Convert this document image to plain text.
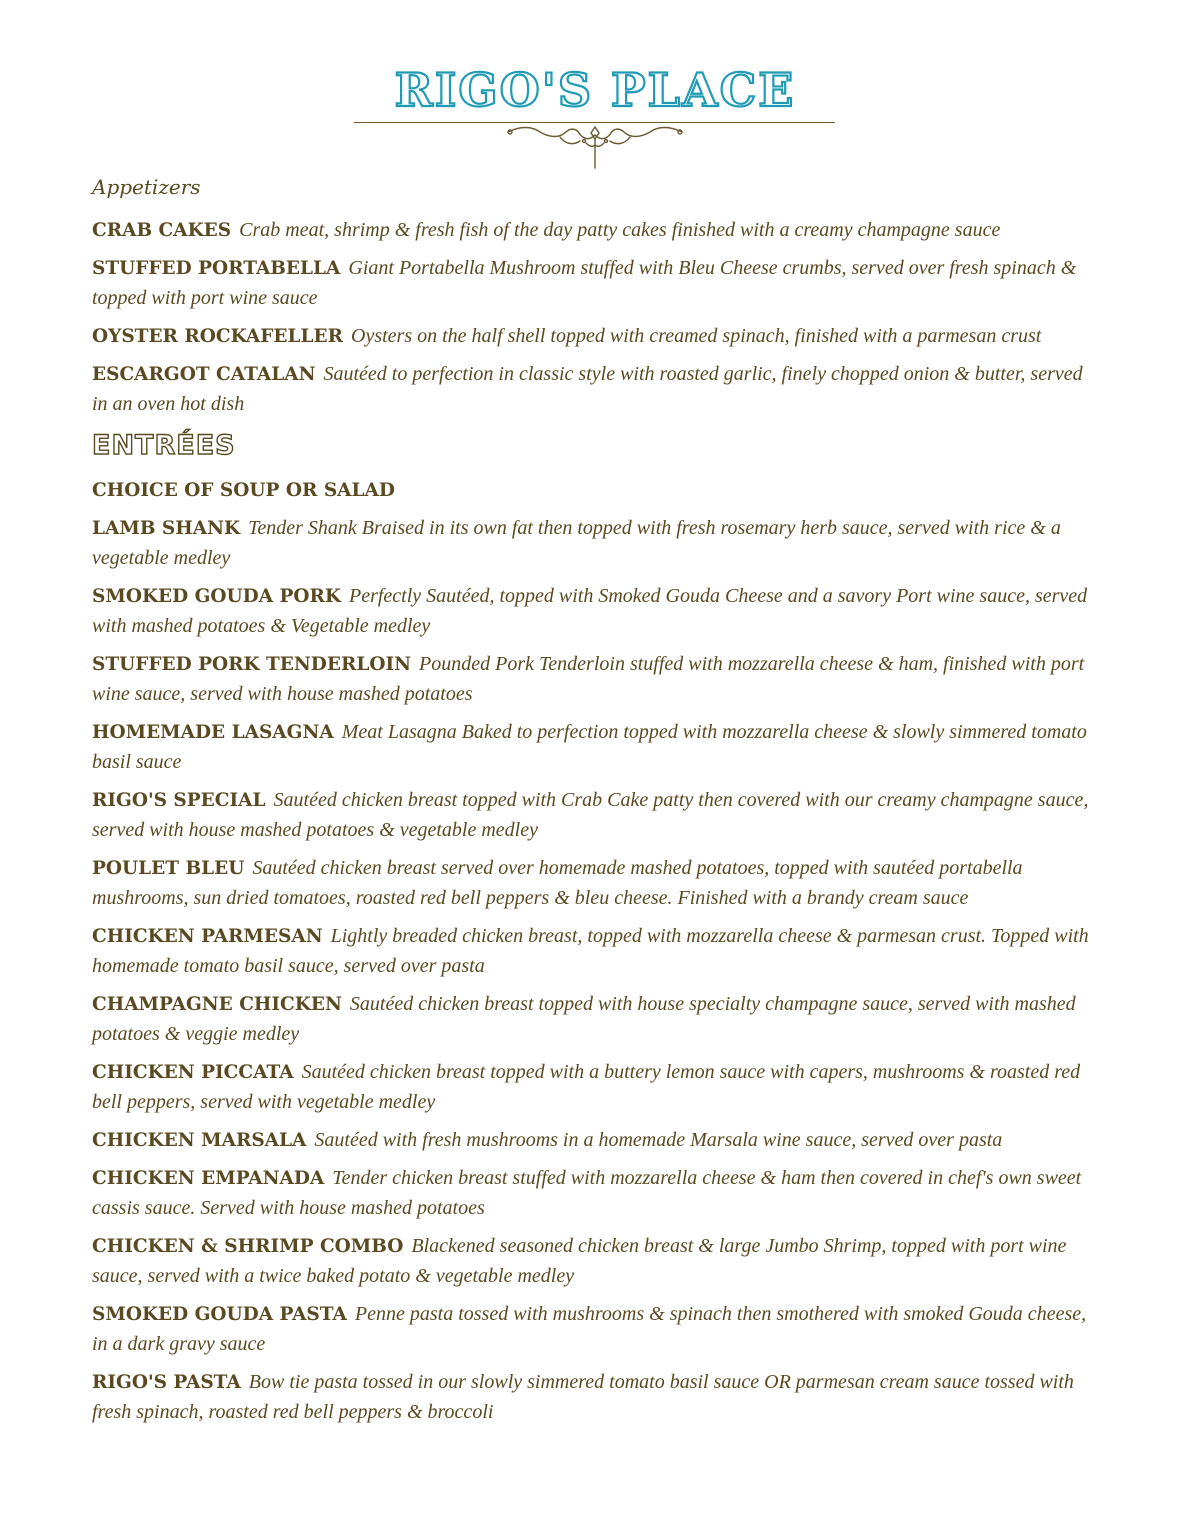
RIGO'S PLACE
Appetizers
CRAB CAKES Crab meat, shrimp & fresh fish of the day patty cakes finished with a creamy champagne sauce
STUFFED PORTABELLA Giant Portabella Mushroom stuffed with Bleu Cheese crumbs, served over fresh spinach & topped with port wine sauce
OYSTER ROCKAFELLER Oysters on the half shell topped with creamed spinach, finished with a parmesan crust
ESCARGOT CATALAN Sautéed to perfection in classic style with roasted garlic, finely chopped onion & butter, served in an oven hot dish
ENTRÉES
CHOICE OF SOUP OR SALAD
LAMB SHANK Tender Shank Braised in its own fat then topped with fresh rosemary herb sauce, served with rice & a vegetable medley
SMOKED GOUDA PORK Perfectly Sautéed, topped with Smoked Gouda Cheese and a savory Port wine sauce, served with mashed potatoes & Vegetable medley
STUFFED PORK TENDERLOIN Pounded Pork Tenderloin stuffed with mozzarella cheese & ham, finished with port wine sauce, served with house mashed potatoes
HOMEMADE LASAGNA Meat Lasagna Baked to perfection topped with mozzarella cheese & slowly simmered tomato basil sauce
RIGO'S SPECIAL Sautéed chicken breast topped with Crab Cake patty then covered with our creamy champagne sauce, served with house mashed potatoes & vegetable medley
POULET BLEU Sautéed chicken breast served over homemade mashed potatoes, topped with sautéed portabella mushrooms, sun dried tomatoes, roasted red bell peppers & bleu cheese. Finished with a brandy cream sauce
CHICKEN PARMESAN Lightly breaded chicken breast, topped with mozzarella cheese & parmesan crust. Topped with homemade tomato basil sauce, served over pasta
CHAMPAGNE CHICKEN Sautéed chicken breast topped with house specialty champagne sauce, served with mashed potatoes & veggie medley
CHICKEN PICCATA Sautéed chicken breast topped with a buttery lemon sauce with capers, mushrooms & roasted red bell peppers, served with vegetable medley
CHICKEN MARSALA Sautéed with fresh mushrooms in a homemade Marsala wine sauce, served over pasta
CHICKEN EMPANADA Tender chicken breast stuffed with mozzarella cheese & ham then covered in chef's own sweet cassis sauce. Served with house mashed potatoes
CHICKEN & SHRIMP COMBO Blackened seasoned chicken breast & large Jumbo Shrimp, topped with port wine sauce, served with a twice baked potato & vegetable medley
SMOKED GOUDA PASTA Penne pasta tossed with mushrooms & spinach then smothered with smoked Gouda cheese, in a dark gravy sauce
RIGO'S PASTA Bow tie pasta tossed in our slowly simmered tomato basil sauce OR parmesan cream sauce tossed with fresh spinach, roasted red bell peppers & broccoli
